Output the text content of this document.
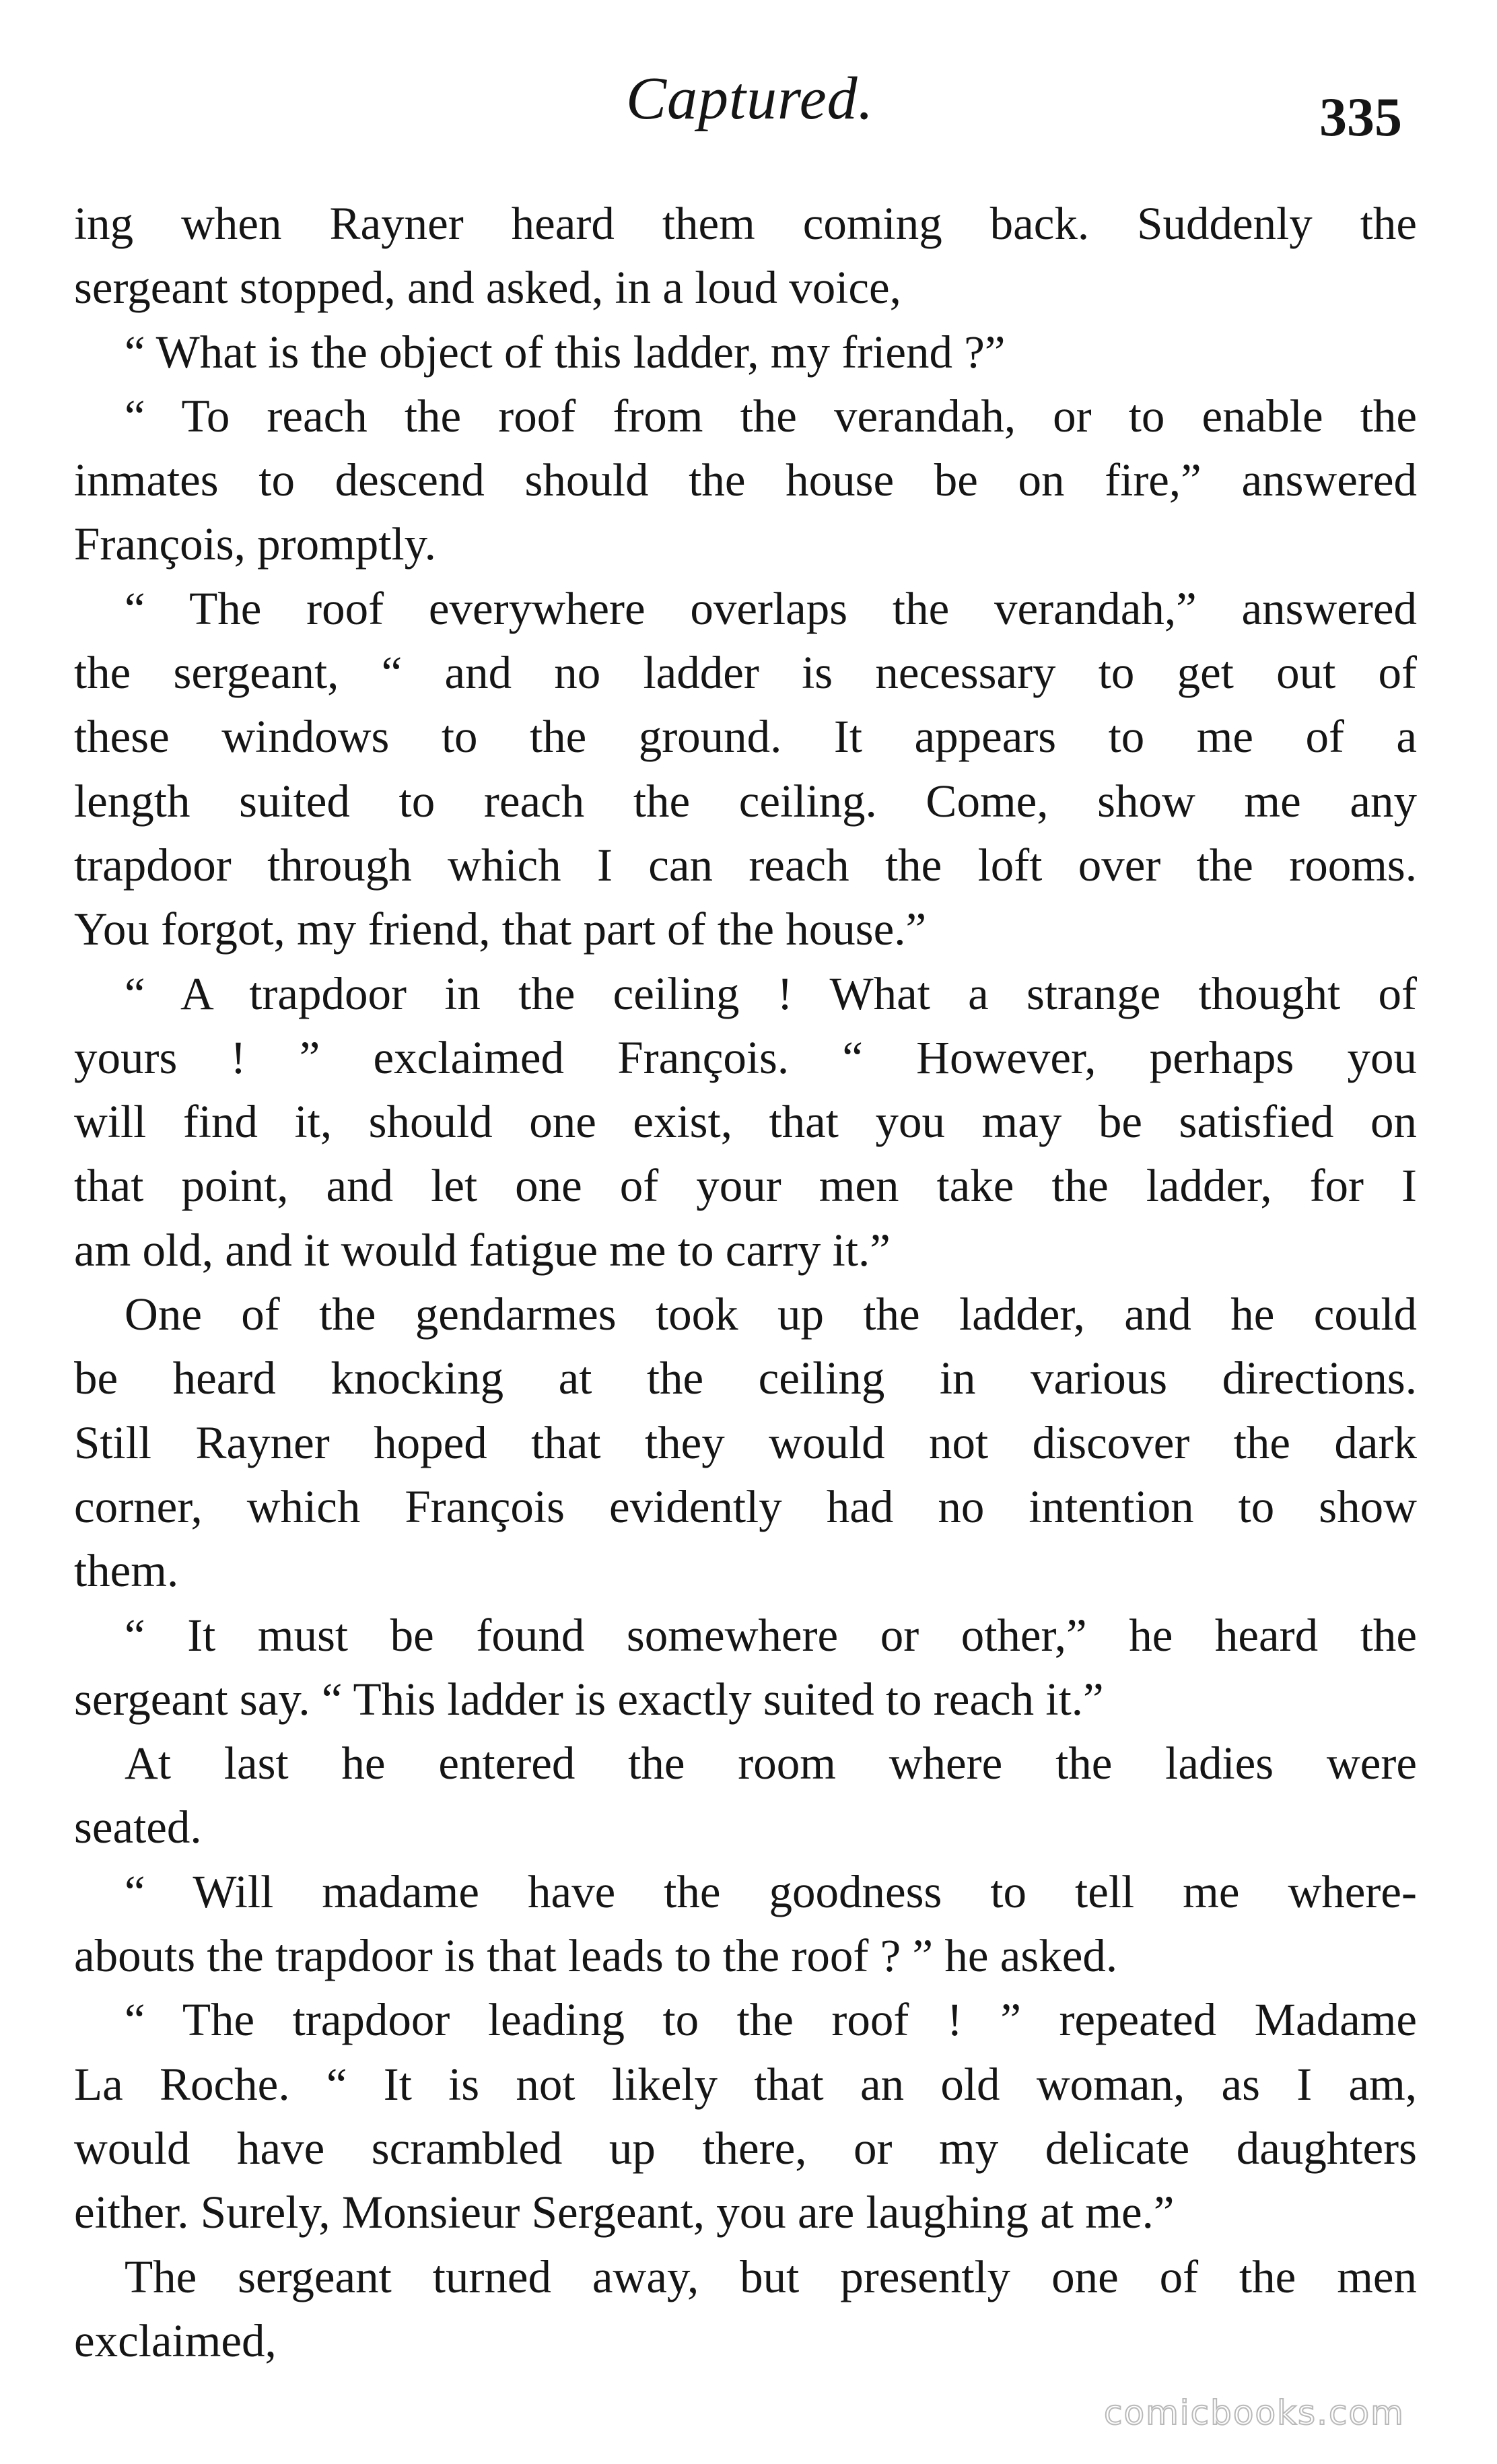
Captured.	335
ing when Rayner heard them coming back. Suddenly the
sergeant stopped, and asked, in a loud voice,
“ What is the object of this ladder, my friend ?”
“ To reach the roof from the verandah, or to enable the
inmates to descend should the house be on fire,” answered
François, promptly.
“ The roof everywhere overlaps the verandah,” answered
the sergeant, “ and no ladder is necessary to get out of
these windows to the ground. It appears to me of a
length suited to reach the ceiling. Come, show me any
trapdoor through which I can reach the loft over the rooms.
You forgot, my friend, that part of the house.”
“ A trapdoor in the ceiling ! What a strange thought of
yours ! ” exclaimed François. “ However, perhaps you
will find it, should one exist, that you may be satisfied on
that point, and let one of your men take the ladder, for I
am old, and it would fatigue me to carry it.”
One of the gendarmes took up the ladder, and he could
be heard knocking at the ceiling in various directions.
Still Rayner hoped that they would not discover the dark
corner, which François evidently had no intention to show
them.
“ It must be found somewhere or other,” he heard the
sergeant say. “ This ladder is exactly suited to reach it.”
At last he entered the room where the ladies were
seated.
“ Will madame have the goodness to tell me where-
abouts the trapdoor is that leads to the roof ? ” he asked.
“ The trapdoor leading to the roof ! ” repeated Madame
La Roche. “ It is not likely that an old woman, as I am,
would have scrambled up there, or my delicate daughters
either. Surely, Monsieur Sergeant, you are laughing at me.”
The sergeant turned away, but presently one of the men
exclaimed,
comicbooks.com
